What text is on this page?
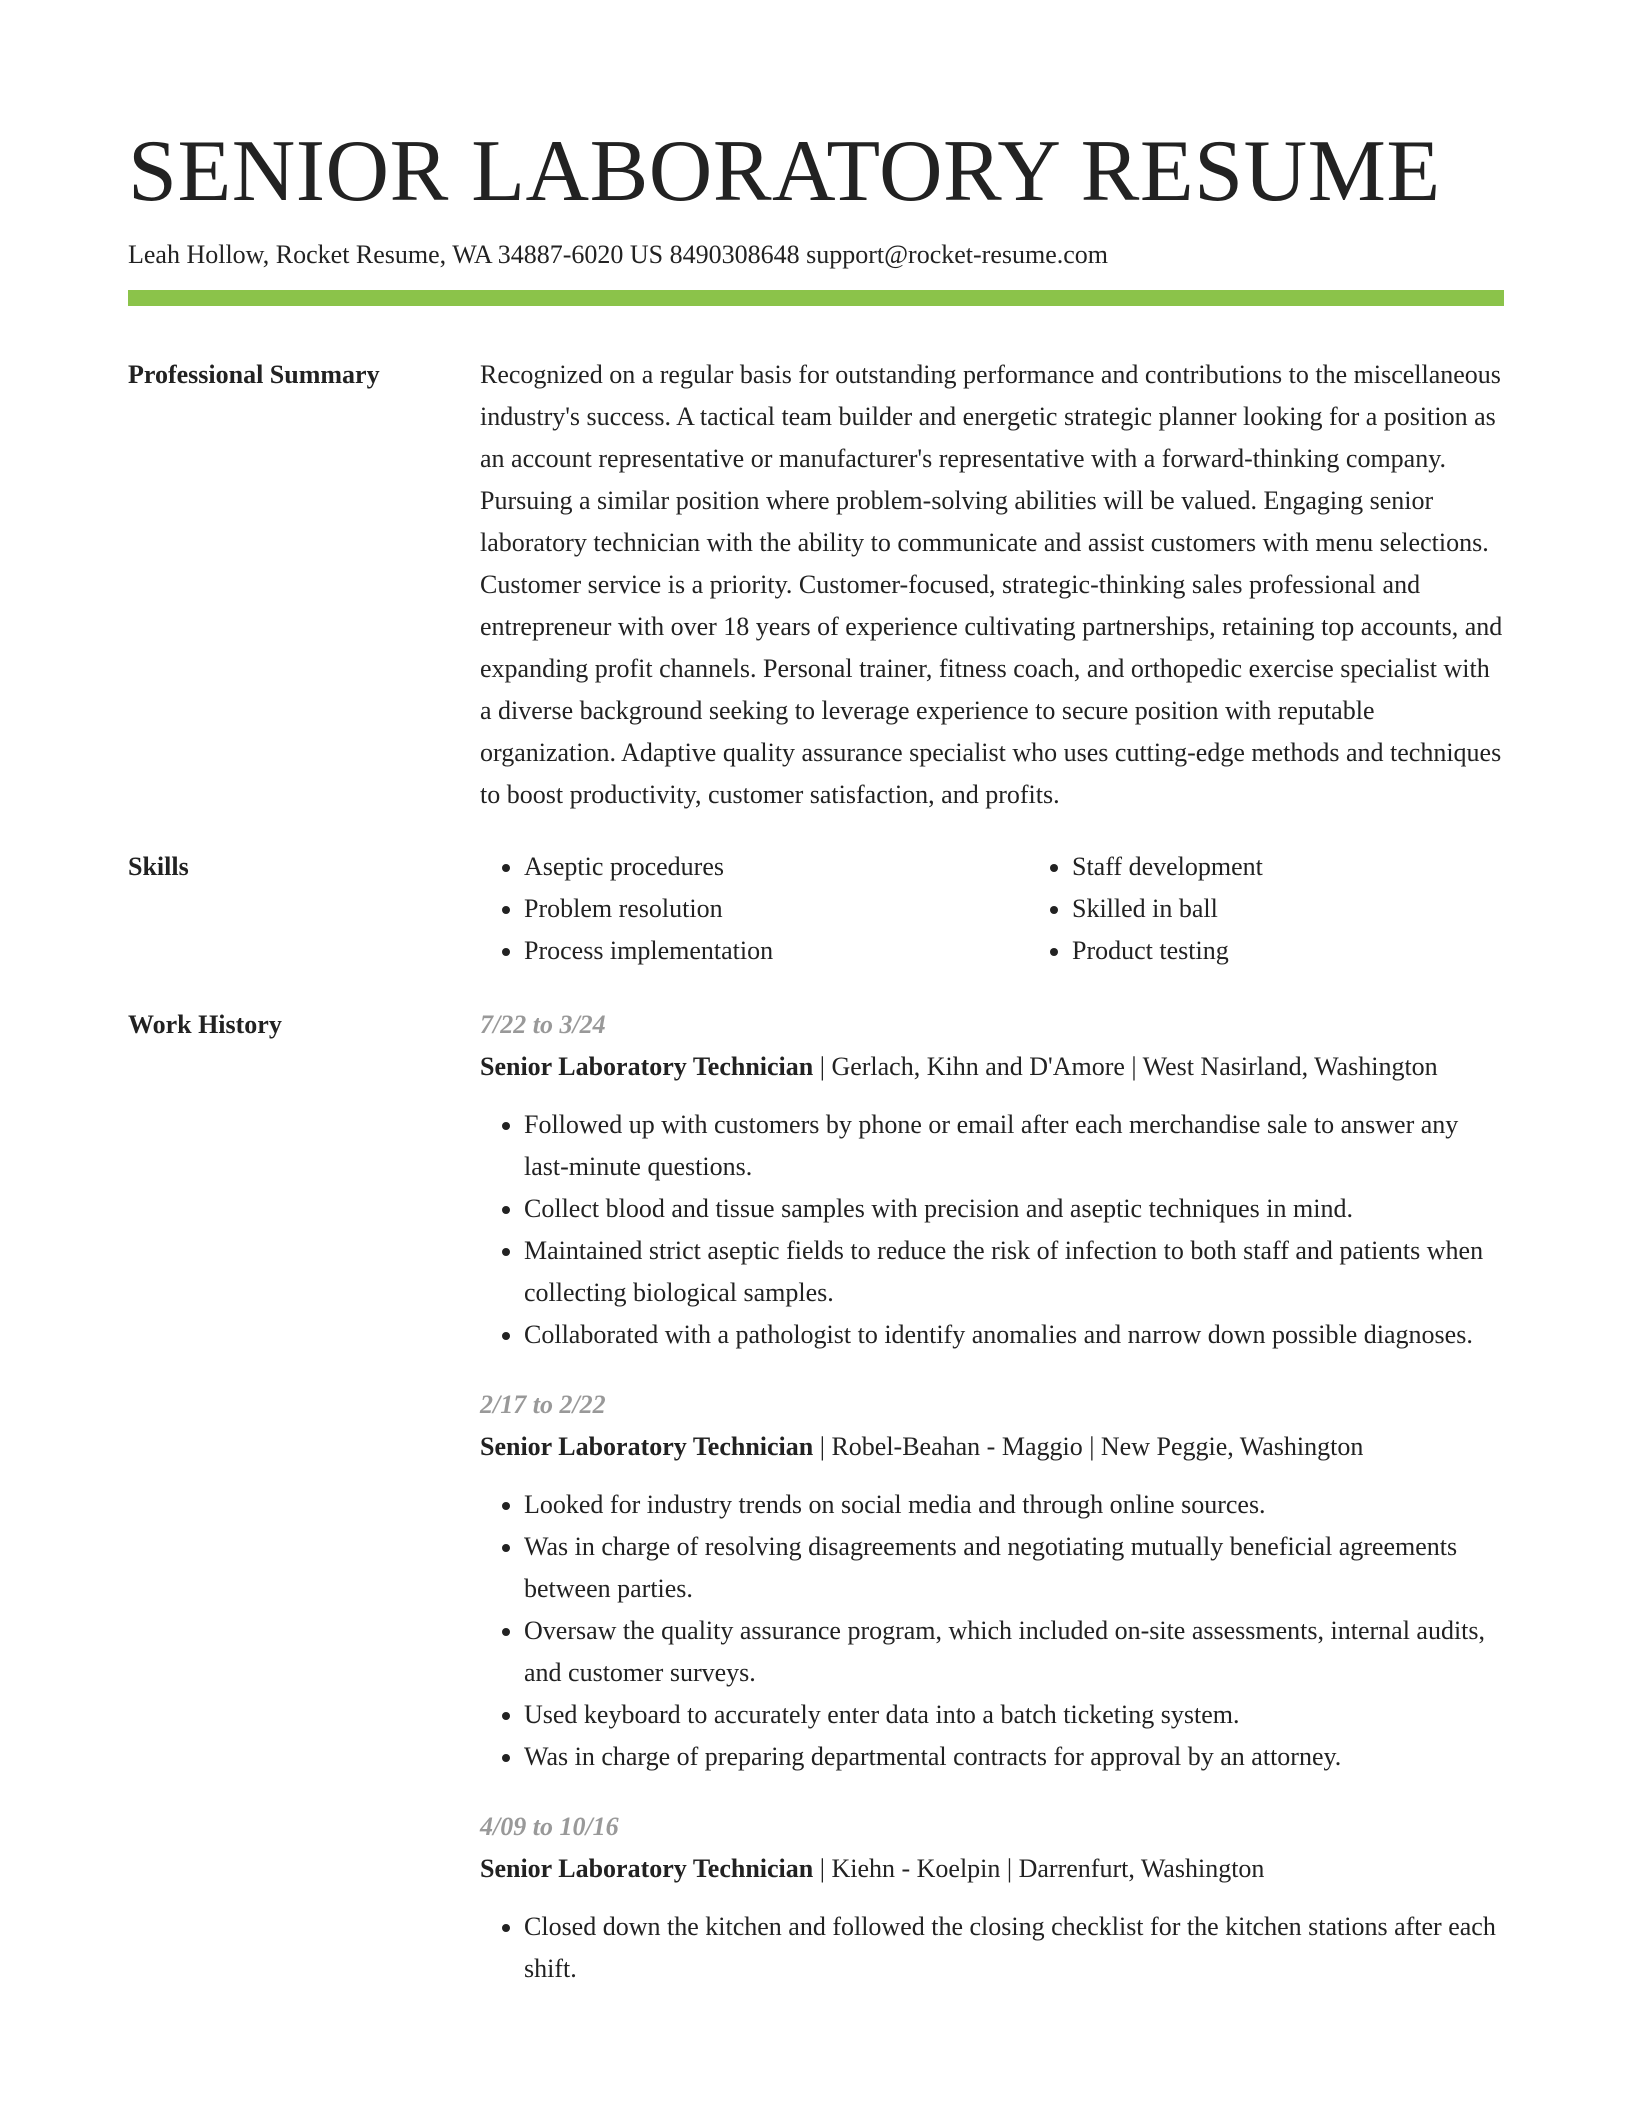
SENIOR LABORATORY RESUME
Leah Hollow, Rocket Resume, WA 34887-6020 US 8490308648 support@rocket-resume.com
Professional Summary	Recognized on a regular basis for outstanding performance and contributions to the miscellaneous industry's success. A tactical team builder and energetic strategic planner looking for a position as an account representative or manufacturer's representative with a forward-thinking company. Pursuing a similar position where problem-solving abilities will be valued. Engaging senior laboratory technician with the ability to communicate and assist customers with menu selections. Customer service is a priority. Customer-focused, strategic-thinking sales professional and entrepreneur with over 18 years of experience cultivating partnerships, retaining top accounts, and expanding profit channels. Personal trainer, fitness coach, and orthopedic exercise specialist with a diverse background seeking to leverage experience to secure position with reputable organization. Adaptive quality assurance specialist who uses cutting-edge methods and techniques to boost productivity, customer satisfaction, and profits.

Skills
•	Aseptic procedures
• Problem resolution
• Process implementation
• Staff development
• Skilled in ball
• Product testing
Work History	7/22 to 3/24
Senior Laboratory Technician | Gerlach, Kihn and D'Amore | West Nasirland, Washington
• Followed up with customers by phone or email after each merchandise sale to answer any last-minute questions.
• Collect blood and tissue samples with precision and aseptic techniques in mind.
• Maintained strict aseptic fields to reduce the risk of infection to both staff and patients when collecting biological samples.
• Collaborated with a pathologist to identify anomalies and narrow down possible diagnoses.
2/17 to 2/22
Senior Laboratory Technician | Robel-Beahan - Maggio | New Peggie, Washington
• Looked for industry trends on social media and through online sources.
• Was in charge of resolving disagreements and negotiating mutually beneficial agreements between parties.
• Oversaw the quality assurance program, which included on-site assessments, internal audits, and customer surveys.
• Used keyboard to accurately enter data into a batch ticketing system.
• Was in charge of preparing departmental contracts for approval by an attorney.
4/09 to 10/16
Senior Laboratory Technician | Kiehn - Koelpin | Darrenfurt, Washington
• Closed down the kitchen and followed the closing checklist for the kitchen stations after each shift.
